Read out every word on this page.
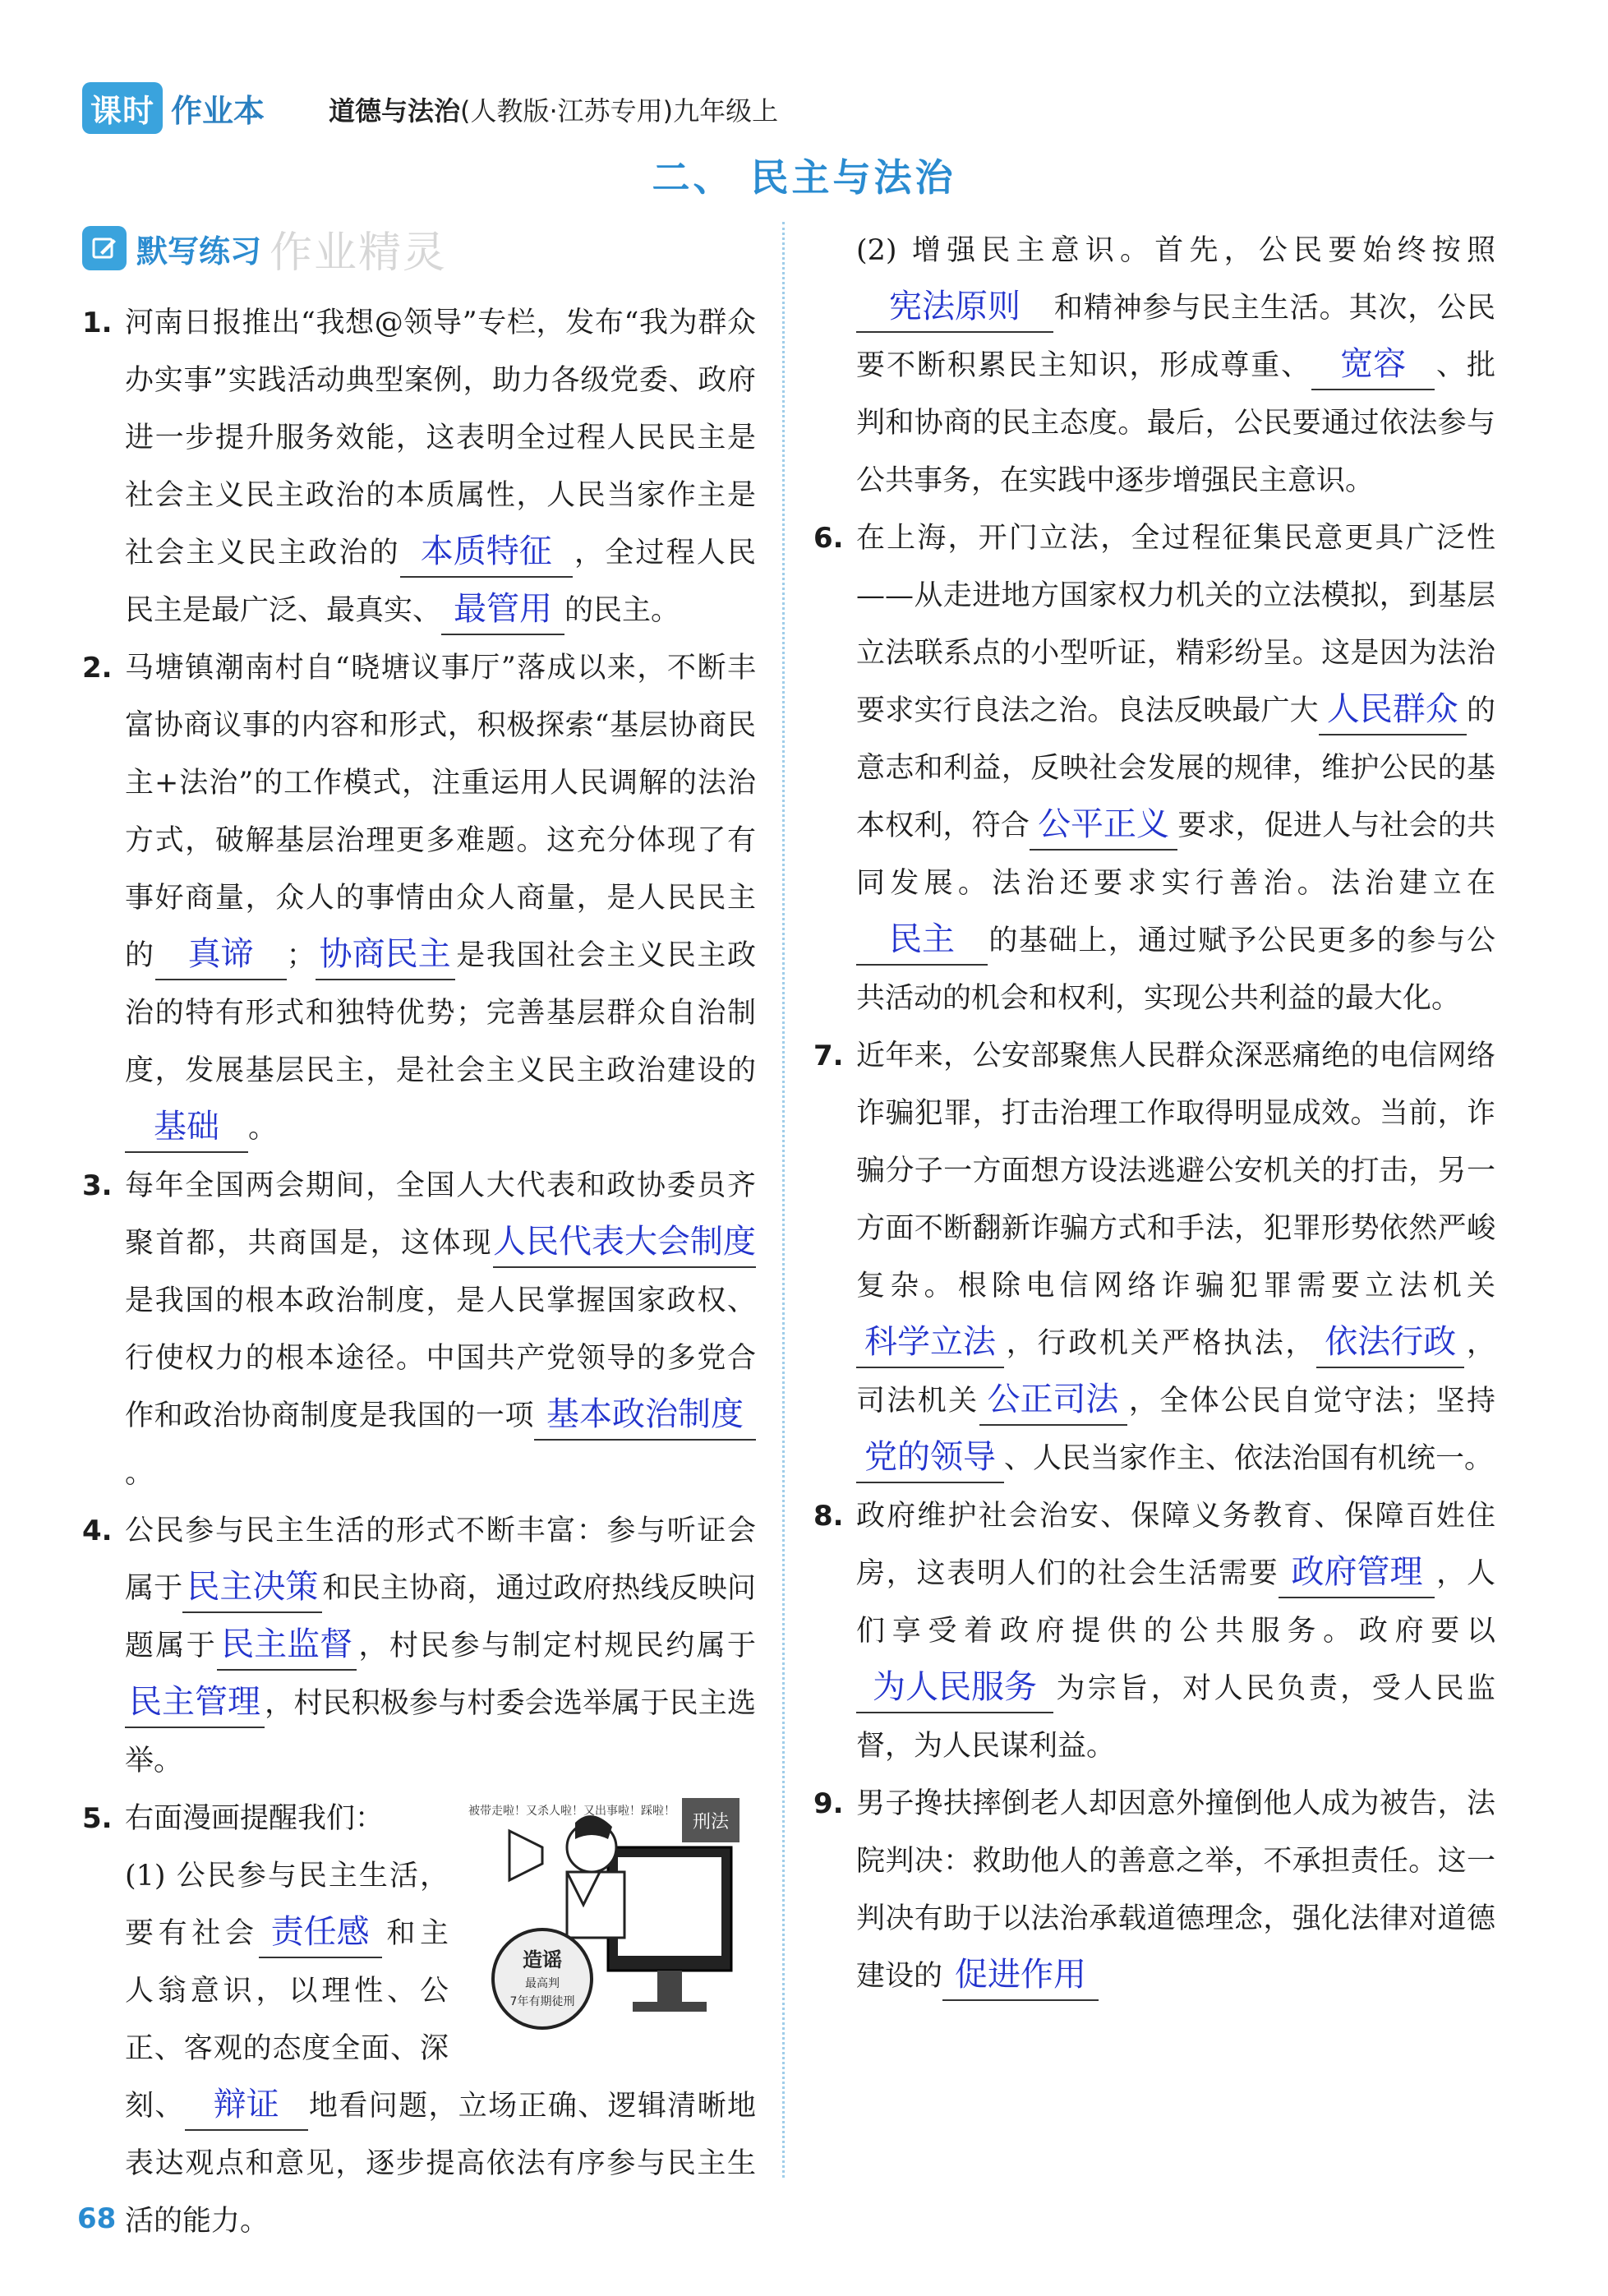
课时 作业本 道德与法治(人教版·江苏专用)九年级上
二、 民主与法治
默写练习 作业精灵
1. 河南日报推出“我想@领导”专栏，发布“我为群众办实事”实践活动典型案例，助力各级党委、政府进一步提升服务效能，这表明全过程人民民主是社会主义民主政治的本质属性，人民当家作主是社会主义民主政治的 本质特征 ，全过程人民民主是最广泛、最真实、 最管用 的民主。
2. 马塘镇潮南村自“晓塘议事厅”落成以来，不断丰富协商议事的内容和形式，积极探索“基层协商民主+法治”的工作模式，注重运用人民调解的法治方式，破解基层治理更多难题。这充分体现了有事好商量，众人的事情由众人商量，是人民民主的 真谛 ； 协商民主 是我国社会主义民主政治的特有形式和独特优势；完善基层群众自治制度，发展基层民主，是社会主义民主政治建设的基础 。
3. 每年全国两会期间，全国人大代表和政协委员齐聚首都，共商国是，这体现人民代表大会制度是我国的根本政治制度，是人民掌握国家政权、行使权力的根本途径。中国共产党领导的多党合作和政治协商制度是我国的一项 基本政治制度。
4. 公民参与民主生活的形式不断丰富：参与听证会属于 民主决策 和民主协商，通过政府热线反映问题属于 民主监督 ，村民参与制定村规民约属于民主管理 ，村民积极参与村委会选举属于民主选举。
5.	刑法
被带走啦！又杀人啦！又出事啦！踩啦！
造谣
最高判
7年有期徒刑
右面漫画提醒我们：
(1) 公民参与民主生活，要有社会 责任感 和主人翁意识，以理性、公正、客观的态度全面、深刻、 辩证 地看问题，立场正确、逻辑清晰地表达观点和意见，逐步提高依法有序参与民主生活的能力。
(2) 增强民主意识。首先，公民要始终按照宪法原则 和精神参与民主生活。其次，公民要不断积累民主知识，形成尊重、 宽容 、批判和协商的民主态度。最后，公民要通过依法参与公共事务，在实践中逐步增强民主意识。
6. 在上海，开门立法，全过程征集民意更具广泛性——从走进地方国家权力机关的立法模拟，到基层立法联系点的小型听证，精彩纷呈。这是因为法治要求实行良法之治。良法反映最广大 人民群众 的意志和利益，反映社会发展的规律，维护公民的基本权利，符合 公平正义 要求，促进人与社会的共同发展。法治还要求实行善治。法治建立在民主 的基础上，通过赋予公民更多的参与公共活动的机会和权利，实现公共利益的最大化。
7. 近年来，公安部聚焦人民群众深恶痛绝的电信网络诈骗犯罪，打击治理工作取得明显成效。当前，诈骗分子一方面想方设法逃避公安机关的打击，另一方面不断翻新诈骗方式和手法，犯罪形势依然严峻复杂。根除电信网络诈骗犯罪需要立法机关科学立法 ，行政机关严格执法， 依法行政 ，司法机关 公正司法 ，全体公民自觉守法；坚持党的领导 、人民当家作主、依法治国有机统一。
8. 政府维护社会治安、保障义务教育、保障百姓住房，这表明人们的社会生活需要 政府管理 ，人们享受着政府提供的公共服务。政府要以为人民服务 为宗旨，对人民负责，受人民监督，为人民谋利益。
9. 男子搀扶摔倒老人却因意外撞倒他人成为被告，法院判决：救助他人的善意之举，不承担责任。这一判决有助于以法治承载道德理念，强化法律对道德建设的 促进作用
68
